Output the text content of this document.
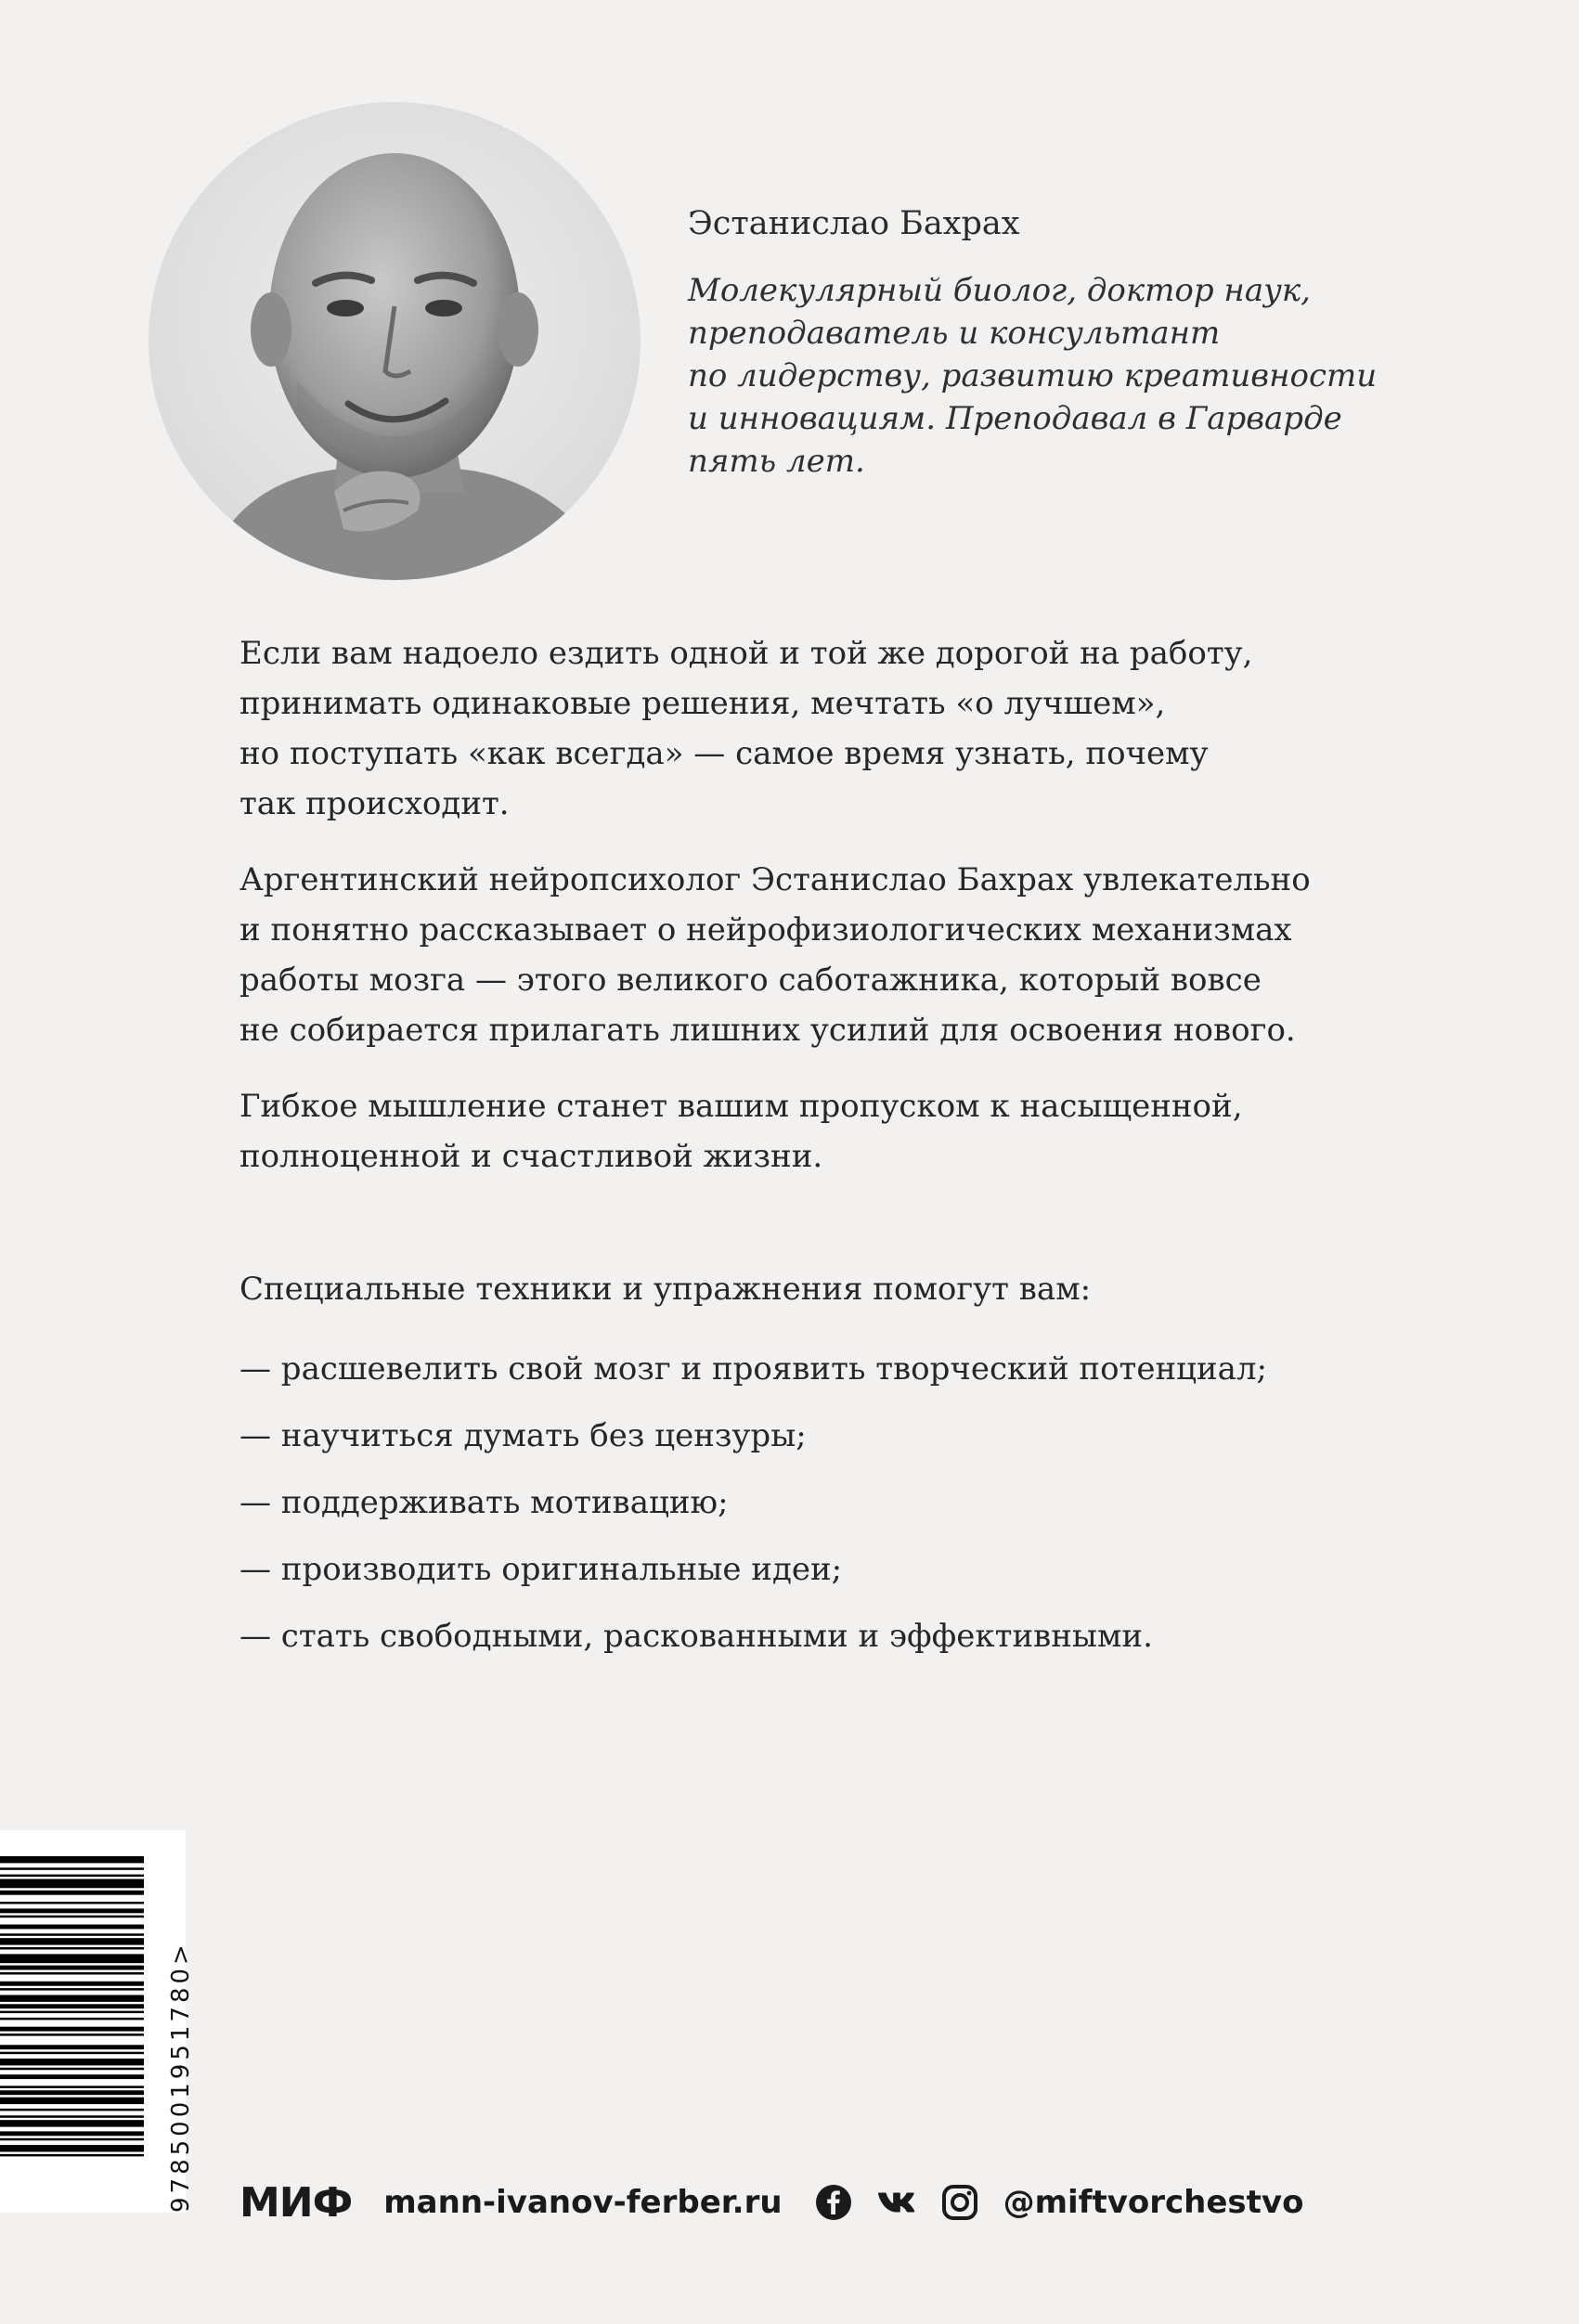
Эстанислао Бахрах
Молекулярный биолог, доктор наук,
преподаватель и консультант
по лидерству, развитию креативности
и инновациям. Преподавал в Гарварде
пять лет.
Если вам надоело ездить одной и той же дорогой на работу,
принимать одинаковые решения, мечтать «о лучшем»,
но поступать «как всегда» — самое время узнать, почему
так происходит.
Аргентинский нейропсихолог Эстанислао Бахрах увлекательно
и понятно рассказывает о нейрофизиологических механизмах
работы мозга — этого великого саботажника, который вовсе
не собирается прилагать лишних усилий для освоения нового.
Гибкое мышление станет вашим пропуском к насыщенной,
полноценной и счастливой жизни.
Специальные техники и упражнения помогут вам:
— расшевелить свой мозг и проявить творческий потенциал;
— научиться думать без цензуры;
— поддерживать мотивацию;
— производить оригинальные идеи;
— стать свободными, раскованными и эффективными.
9785001951780> МИФ mann-ivanov-ferber.ru	@miftvorchestvo
